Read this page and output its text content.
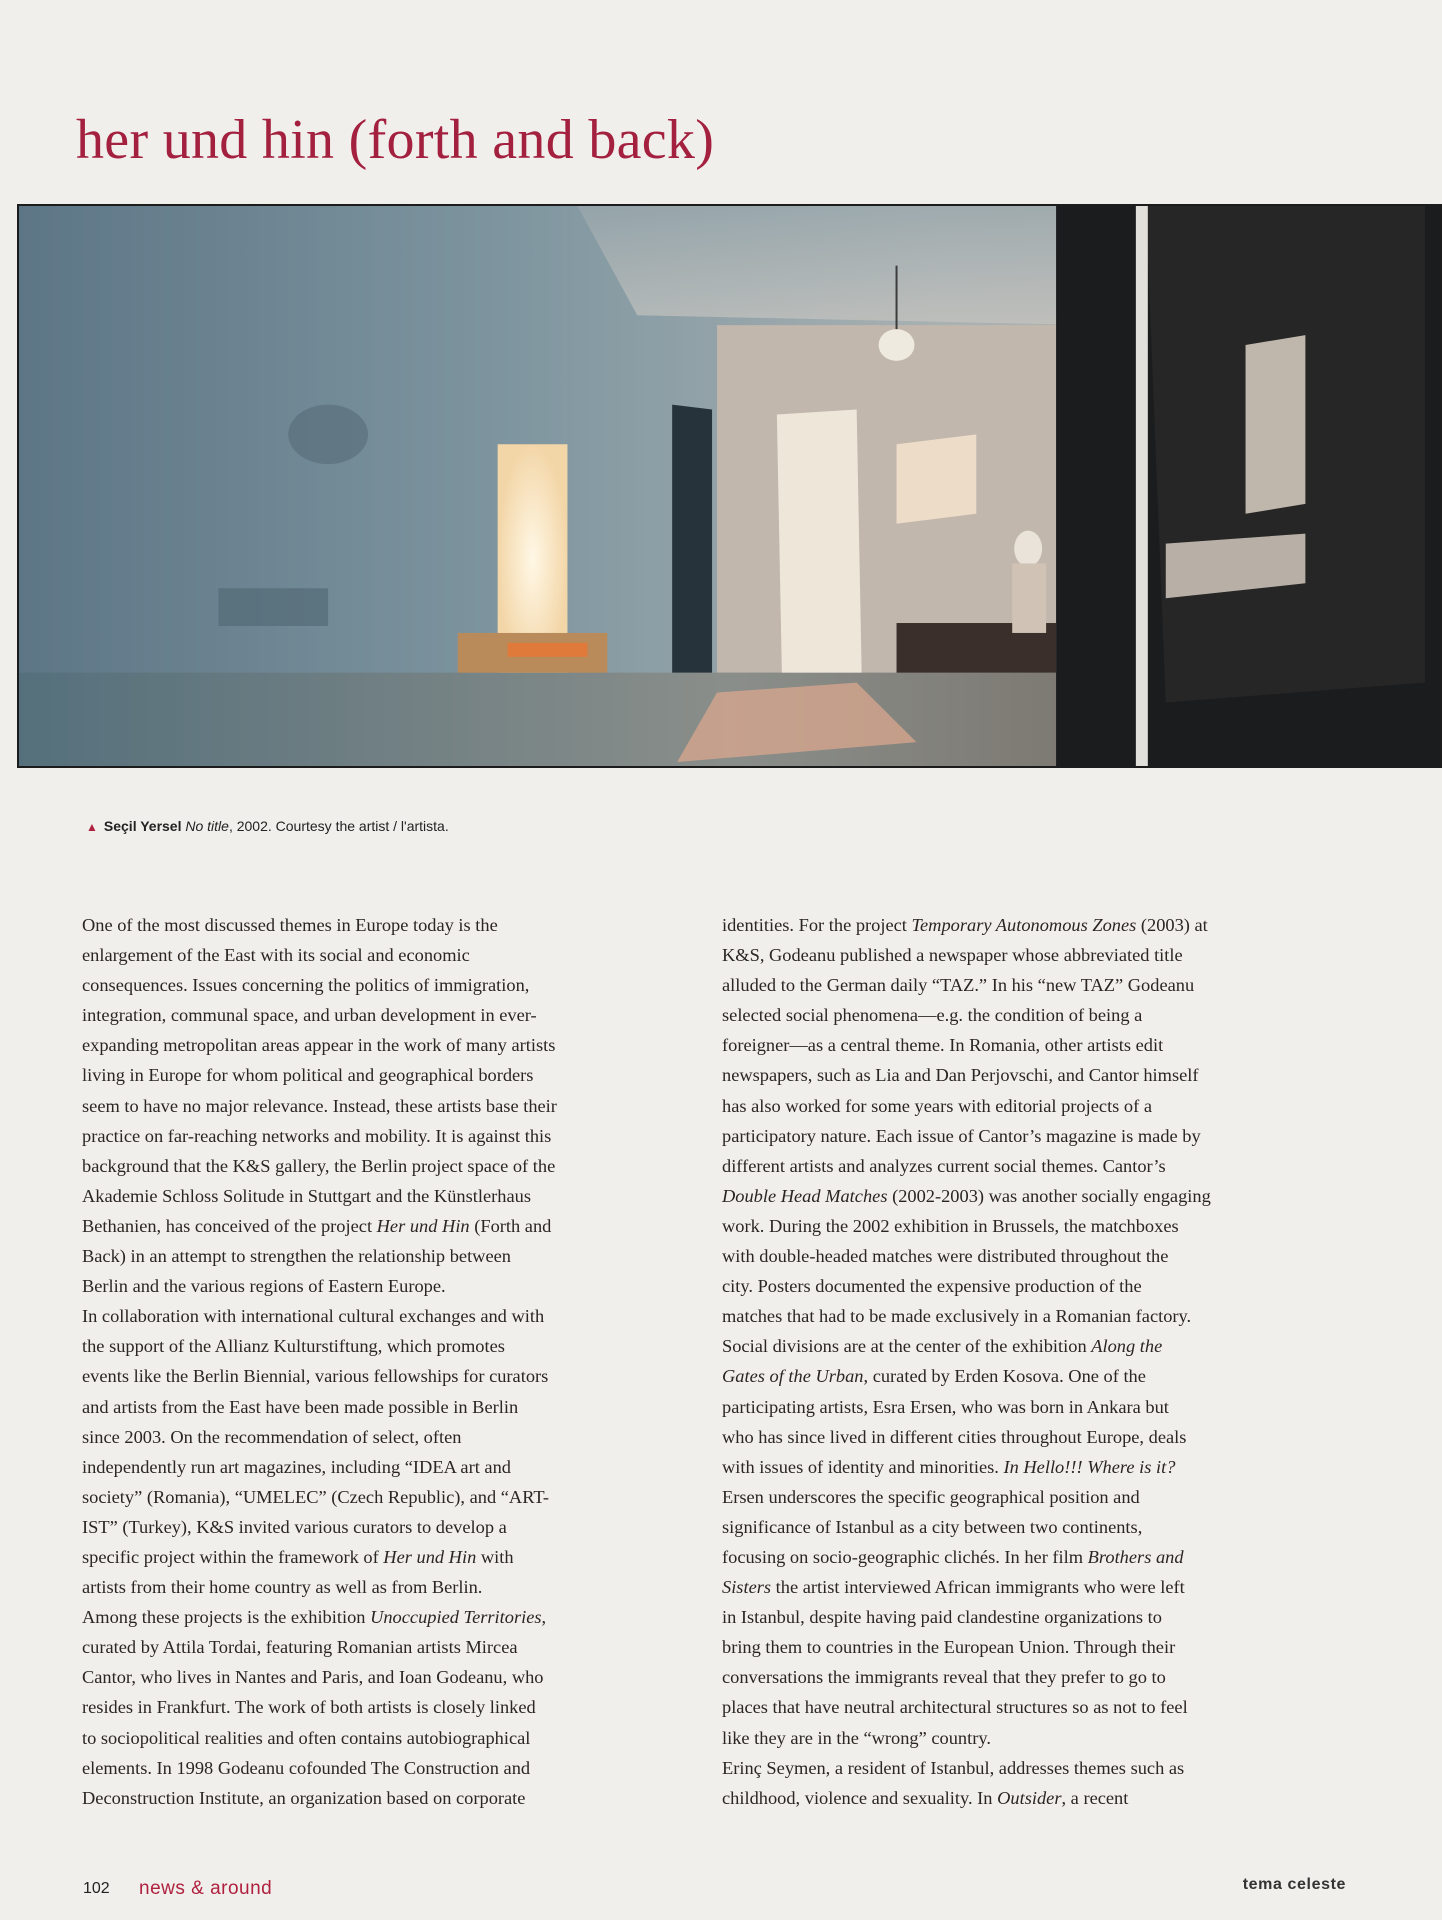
her und hin (forth and back)
▲ Seçil Yersel No title, 2002. Courtesy the artist / l'artista.
One of the most discussed themes in Europe today is the
enlargement of the East with its social and economic
consequences. Issues concerning the politics of immigration,
integration, communal space, and urban development in ever-
expanding metropolitan areas appear in the work of many artists
living in Europe for whom political and geographical borders
seem to have no major relevance. Instead, these artists base their
practice on far-reaching networks and mobility. It is against this
background that the K&S gallery, the Berlin project space of the
Akademie Schloss Solitude in Stuttgart and the Künstlerhaus
Bethanien, has conceived of the project Her und Hin (Forth and
Back) in an attempt to strengthen the relationship between
Berlin and the various regions of Eastern Europe.
In collaboration with international cultural exchanges and with
the support of the Allianz Kulturstiftung, which promotes
events like the Berlin Biennial, various fellowships for curators
and artists from the East have been made possible in Berlin
since 2003. On the recommendation of select, often
independently run art magazines, including “IDEA art and
society” (Romania), “UMELEC” (Czech Republic), and “ART-
IST” (Turkey), K&S invited various curators to develop a
specific project within the framework of Her und Hin with
artists from their home country as well as from Berlin.
Among these projects is the exhibition Unoccupied Territories,
curated by Attila Tordai, featuring Romanian artists Mircea
Cantor, who lives in Nantes and Paris, and Ioan Godeanu, who
resides in Frankfurt. The work of both artists is closely linked
to sociopolitical realities and often contains autobiographical
elements. In 1998 Godeanu cofounded The Construction and
Deconstruction Institute, an organization based on corporate
identities. For the project Temporary Autonomous Zones (2003) at
K&S, Godeanu published a newspaper whose abbreviated title
alluded to the German daily “TAZ.” In his “new TAZ” Godeanu
selected social phenomena—e.g. the condition of being a
foreigner—as a central theme. In Romania, other artists edit
newspapers, such as Lia and Dan Perjovschi, and Cantor himself
has also worked for some years with editorial projects of a
participatory nature. Each issue of Cantor’s magazine is made by
different artists and analyzes current social themes. Cantor’s
Double Head Matches (2002-2003) was another socially engaging
work. During the 2002 exhibition in Brussels, the matchboxes
with double-headed matches were distributed throughout the
city. Posters documented the expensive production of the
matches that had to be made exclusively in a Romanian factory.
Social divisions are at the center of the exhibition Along the
Gates of the Urban, curated by Erden Kosova. One of the
participating artists, Esra Ersen, who was born in Ankara but
who has since lived in different cities throughout Europe, deals
with issues of identity and minorities. In Hello!!! Where is it?
Ersen underscores the specific geographical position and
significance of Istanbul as a city between two continents,
focusing on socio-geographic clichés. In her film Brothers and
Sisters the artist interviewed African immigrants who were left
in Istanbul, despite having paid clandestine organizations to
bring them to countries in the European Union. Through their
conversations the immigrants reveal that they prefer to go to
places that have neutral architectural structures so as not to feel
like they are in the “wrong” country.
Erinç Seymen, a resident of Istanbul, addresses themes such as
childhood, violence and sexuality. In Outsider, a recent
102 news & around	tema celeste
